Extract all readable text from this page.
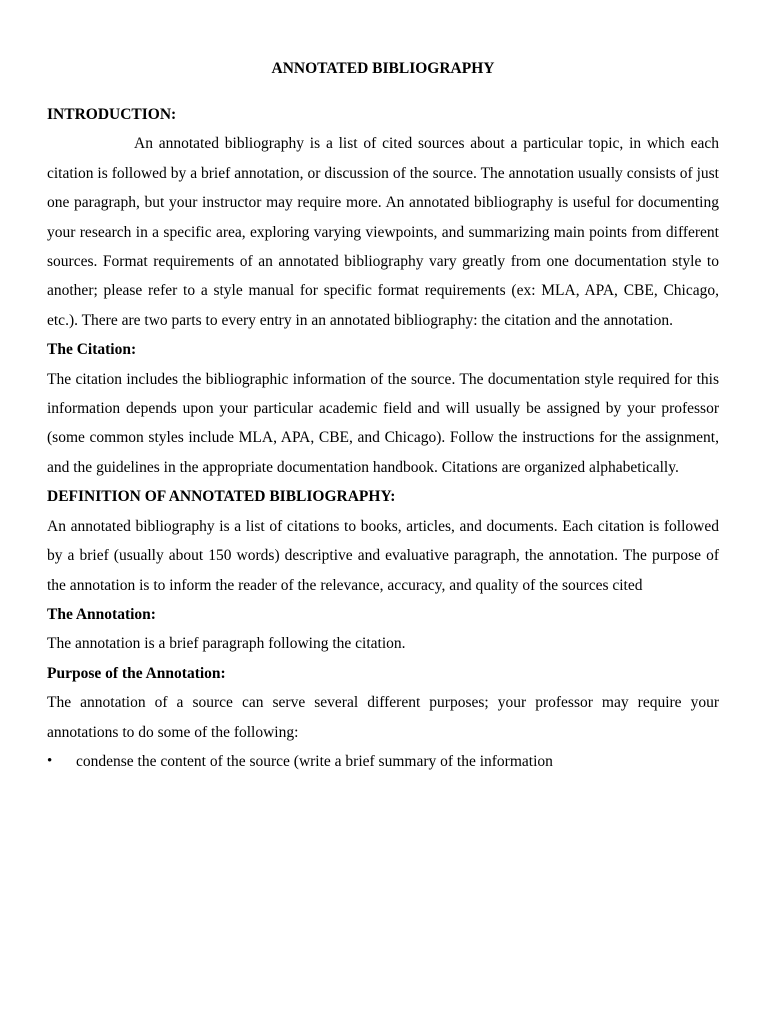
ANNOTATED BIBLIOGRAPHY
INTRODUCTION:

An annotated bibliography is a list of cited sources about a particular topic, in which each citation is followed by a brief annotation, or discussion of the source. The annotation usually consists of just one paragraph, but your instructor may require more. An annotated bibliography is useful for documenting your research in a specific area, exploring varying viewpoints, and summarizing main points from different sources. Format requirements of an annotated bibliography vary greatly from one documentation style to another; please refer to a style manual for specific format requirements (ex: MLA, APA, CBE, Chicago, etc.). There are two parts to every entry in an annotated bibliography: the citation and the annotation.

The Citation:

The citation includes the bibliographic information of the source. The documentation style required for this information depends upon your particular academic field and will usually be assigned by your professor (some common styles include MLA, APA, CBE, and Chicago). Follow the instructions for the assignment, and the guidelines in the appropriate documentation handbook. Citations are organized alphabetically.

DEFINITION OF ANNOTATED BIBLIOGRAPHY:

An annotated bibliography is a list of citations to books, articles, and documents. Each citation is followed by a brief (usually about 150 words) descriptive and evaluative paragraph, the annotation. The purpose of the annotation is to inform the reader of the relevance, accuracy, and quality of the sources cited

The Annotation:

The annotation is a brief paragraph following the citation.

Purpose of the Annotation:

The annotation of a source can serve several different purposes; your professor may require your annotations to do some of the following:

•	condense the content of the source (write a brief summary of the information
